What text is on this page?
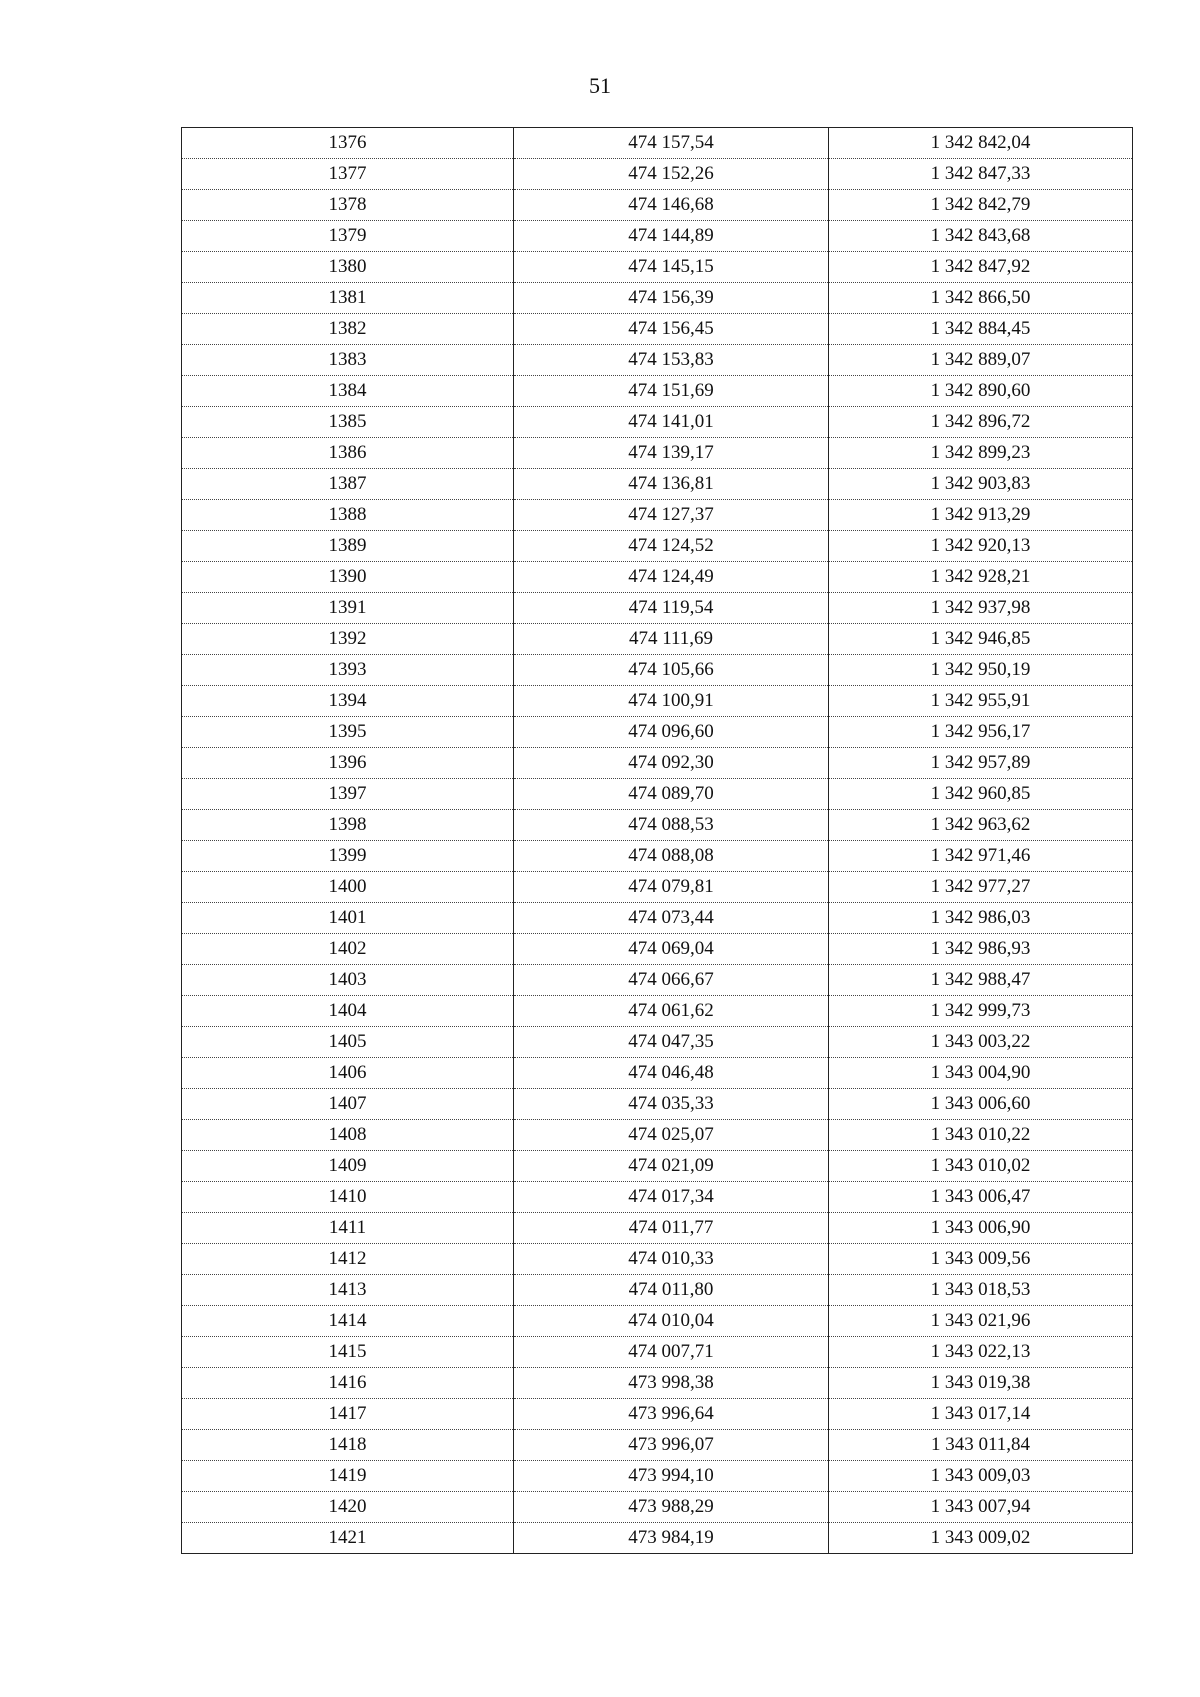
51
1376	474 157,54	1 342 842,04
1377	474 152,26	1 342 847,33
1378	474 146,68	1 342 842,79
1379	474 144,89	1 342 843,68
1380	474 145,15	1 342 847,92
1381	474 156,39	1 342 866,50
1382	474 156,45	1 342 884,45
1383	474 153,83	1 342 889,07
1384	474 151,69	1 342 890,60
1385	474 141,01	1 342 896,72
1386	474 139,17	1 342 899,23
1387	474 136,81	1 342 903,83
1388	474 127,37	1 342 913,29
1389	474 124,52	1 342 920,13
1390	474 124,49	1 342 928,21
1391	474 119,54	1 342 937,98
1392	474 111,69	1 342 946,85
1393	474 105,66	1 342 950,19
1394	474 100,91	1 342 955,91
1395	474 096,60	1 342 956,17
1396	474 092,30	1 342 957,89
1397	474 089,70	1 342 960,85
1398	474 088,53	1 342 963,62
1399	474 088,08	1 342 971,46
1400	474 079,81	1 342 977,27
1401	474 073,44	1 342 986,03
1402	474 069,04	1 342 986,93
1403	474 066,67	1 342 988,47
1404	474 061,62	1 342 999,73
1405	474 047,35	1 343 003,22
1406	474 046,48	1 343 004,90
1407	474 035,33	1 343 006,60
1408	474 025,07	1 343 010,22
1409	474 021,09	1 343 010,02
1410	474 017,34	1 343 006,47
1411	474 011,77	1 343 006,90
1412	474 010,33	1 343 009,56
1413	474 011,80	1 343 018,53
1414	474 010,04	1 343 021,96
1415	474 007,71	1 343 022,13
1416	473 998,38	1 343 019,38
1417	473 996,64	1 343 017,14
1418	473 996,07	1 343 011,84
1419	473 994,10	1 343 009,03
1420	473 988,29	1 343 007,94
1421	473 984,19	1 343 009,02
